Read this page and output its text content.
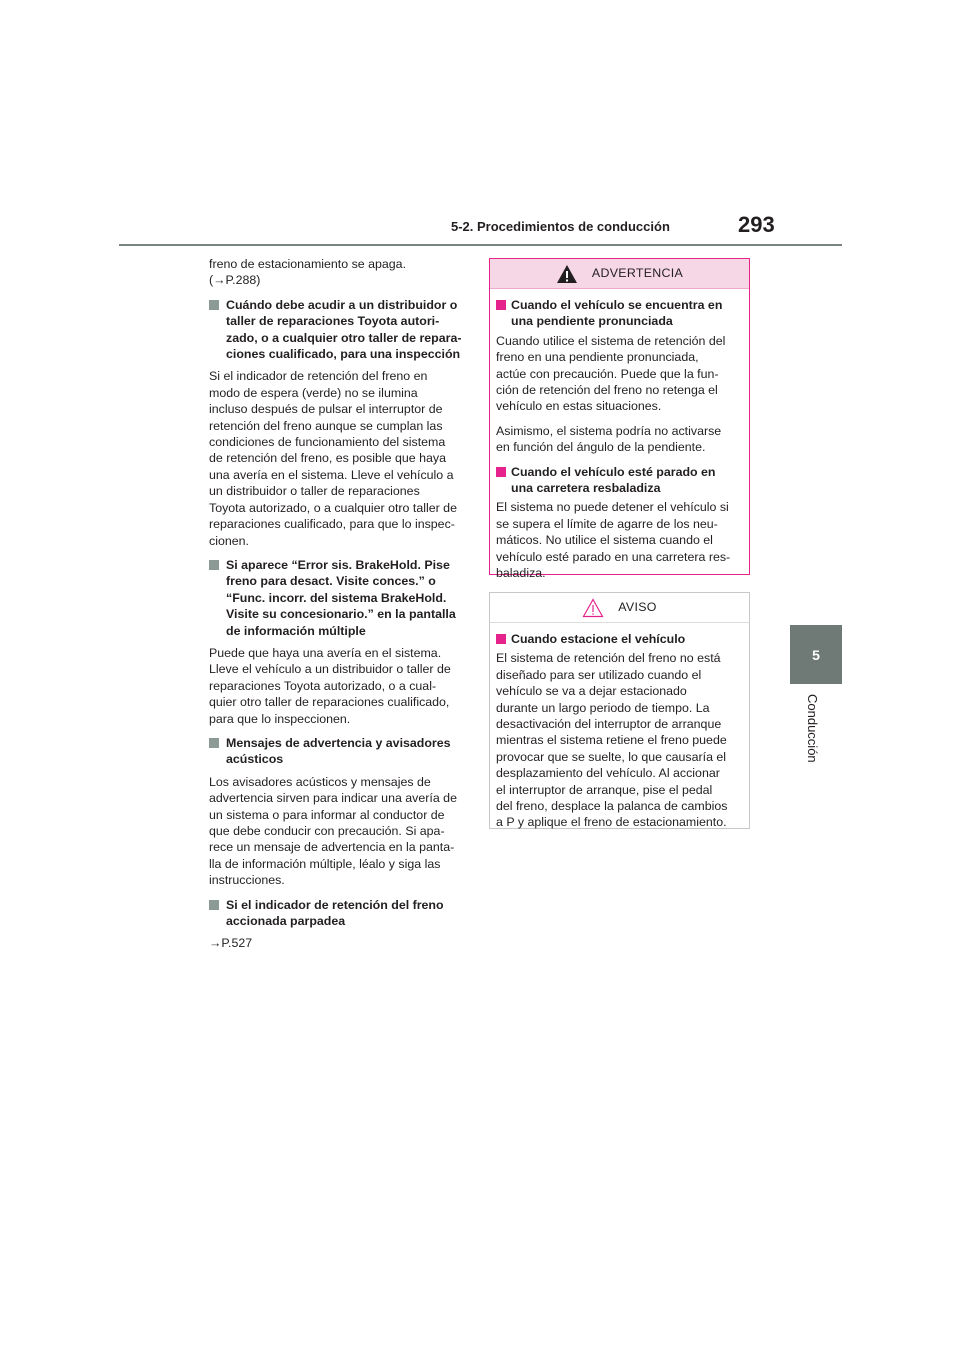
5-2. Procedimientos de conducción	293
5
Conducción

freno de estacionamiento se apaga.
(→P.288)

Cuándo debe acudir a un distribuidor o
taller de reparaciones Toyota autori-
zado, o a cualquier otro taller de repara-
ciones cualificado, para una inspección

Si el indicador de retención del freno en
modo de espera (verde) no se ilumina
incluso después de pulsar el interruptor de
retención del freno aunque se cumplan las
condiciones de funcionamiento del sistema
de retención del freno, es posible que haya
una avería en el sistema. Lleve el vehículo a
un distribuidor o taller de reparaciones
Toyota autorizado, o a cualquier otro taller de
reparaciones cualificado, para que lo inspec-
cionen.

Si aparece “Error sis. BrakeHold. Pise
freno para desact. Visite conces.” o
“Func. incorr. del sistema BrakeHold.
Visite su concesionario.” en la pantalla
de información múltiple

Puede que haya una avería en el sistema.
Lleve el vehículo a un distribuidor o taller de
reparaciones Toyota autorizado, o a cual-
quier otro taller de reparaciones cualificado,
para que lo inspeccionen.

Mensajes de advertencia y avisadores
acústicos

Los avisadores acústicos y mensajes de
advertencia sirven para indicar una avería de
un sistema o para informar al conductor de
que debe conducir con precaución. Si apa-
rece un mensaje de advertencia en la panta-
lla de información múltiple, léalo y siga las
instrucciones.

Si el indicador de retención del freno
accionada parpadea

→P.527

ADVERTENCIA
Cuando el vehículo se encuentra en
una pendiente pronunciada

Cuando utilice el sistema de retención del
freno en una pendiente pronunciada,
actúe con precaución. Puede que la fun-
ción de retención del freno no retenga el
vehículo en estas situaciones.

Asimismo, el sistema podría no activarse
en función del ángulo de la pendiente.

Cuando el vehículo esté parado en
una carretera resbaladiza

El sistema no puede detener el vehículo si
se supera el límite de agarre de los neu-
máticos. No utilice el sistema cuando el
vehículo esté parado en una carretera res-
baladiza.

AVISO
Cuando estacione el vehículo

El sistema de retención del freno no está
diseñado para ser utilizado cuando el
vehículo se va a dejar estacionado
durante un largo periodo de tiempo. La
desactivación del interruptor de arranque
mientras el sistema retiene el freno puede
provocar que se suelte, lo que causaría el
desplazamiento del vehículo. Al accionar
el interruptor de arranque, pise el pedal
del freno, desplace la palanca de cambios
a P y aplique el freno de estacionamiento.
